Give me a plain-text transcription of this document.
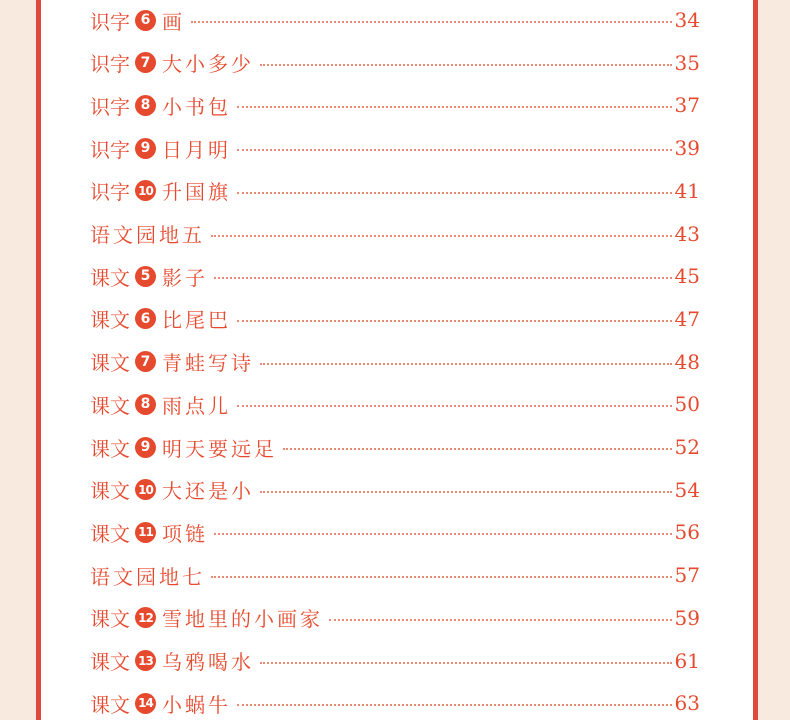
识字 6 画	34
识字 7 大小多少	35
识字 8 小书包	37
识字 9 日月明	39
识字 10 升国旗	41
语文园地五	43
课文 5 影子	45
课文 6 比尾巴	47
课文 7 青蛙写诗	48
课文 8 雨点儿	50
课文 9 明天要远足	52
课文 10 大还是小	54
课文 11 项链	56
语文园地七	57
课文 12 雪地里的小画家	59
课文 13 乌鸦喝水	61
课文 14 小蜗牛	63
